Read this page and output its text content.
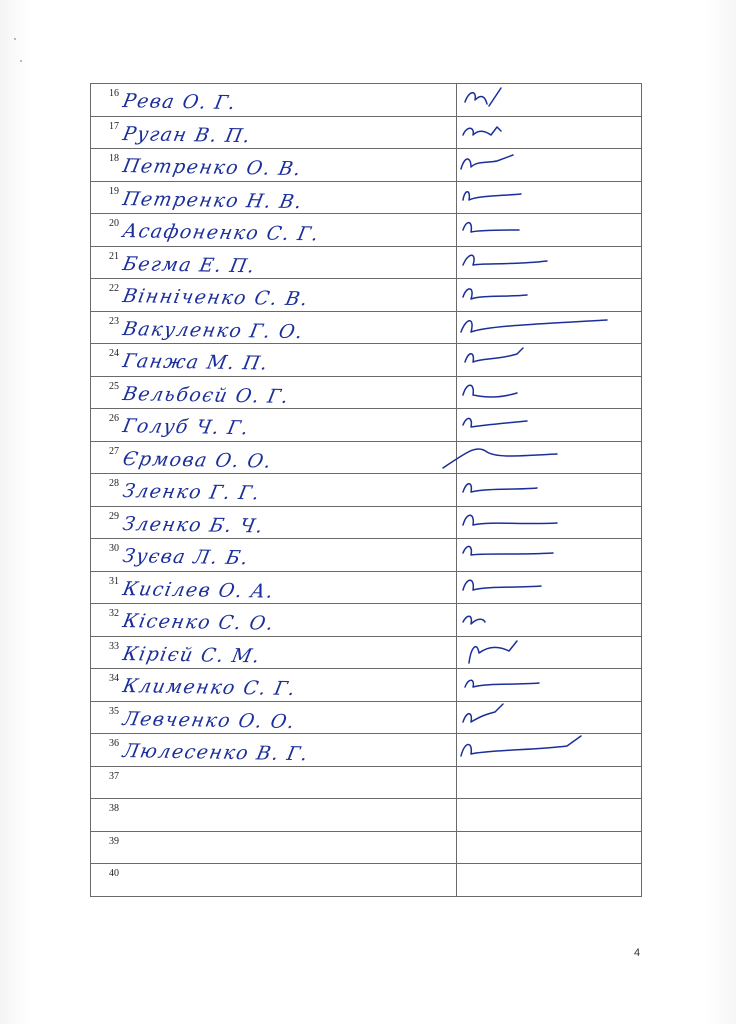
16 Рева О. Г.

17 Руган В. П.

18 Петренко О. В.

19 Петренко Н. В.

20 Асафоненко С. Г.

21 Бегма Е. П.

22 Вінніченко С. В.

23 Вакуленко Г. О.

24 Ганжа М. П.

25 Вельбоєй О. Г.

26 Голуб Ч. Г.

27 Єрмова О. О.

28 Зленко Г. Г.

29 Зленко Б. Ч.

30 Зуєва Л. Б.

31 Кисілев О. А.

32 Кісенко С. О.

33 Кірієй С. М.

34 Клименко С. Г.

35 Левченко О. О.

36 Люлесенко В. Г.

37	

38	

39	

40	

4
